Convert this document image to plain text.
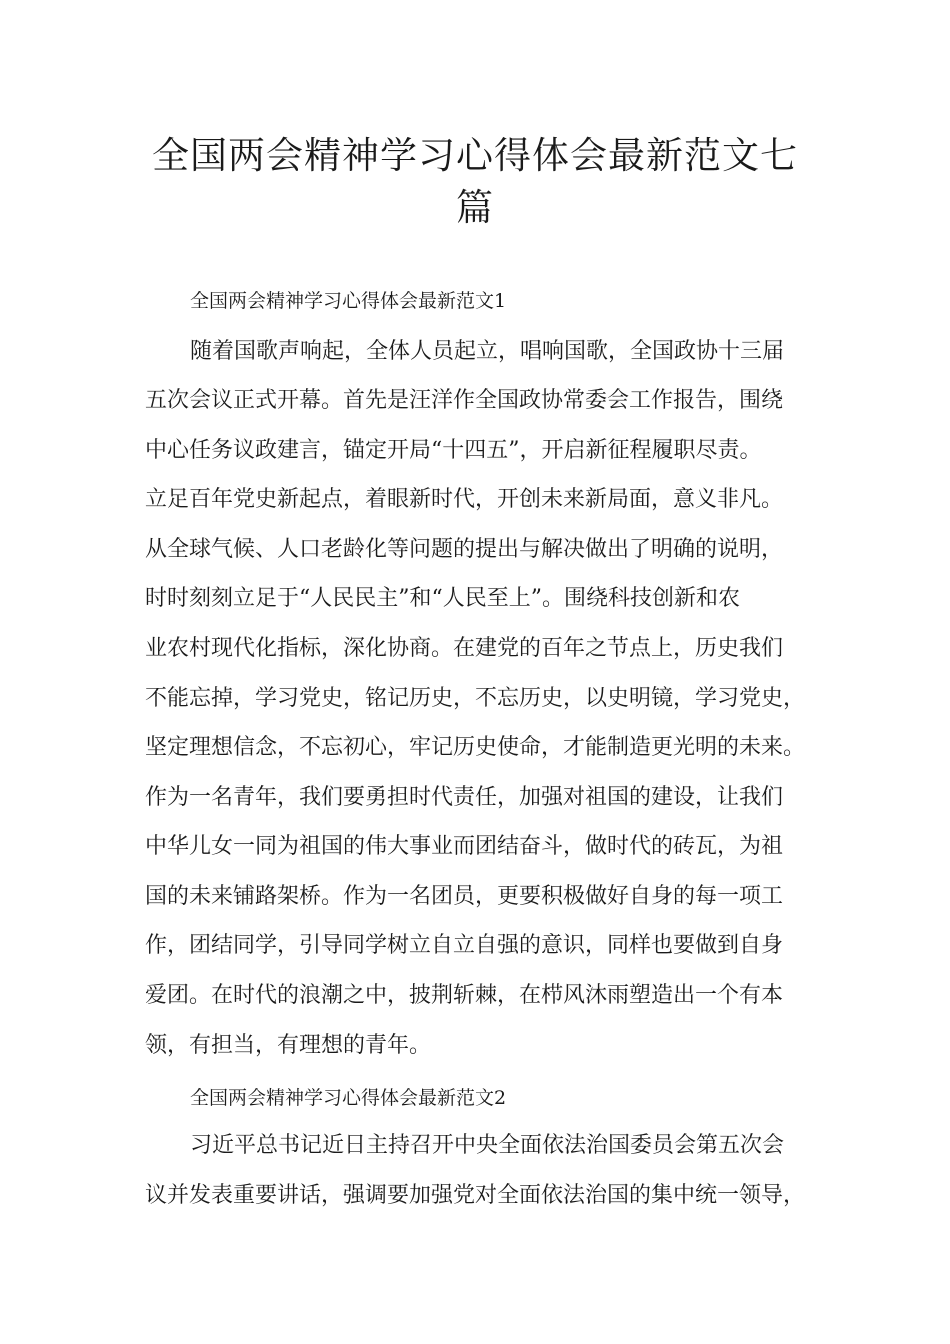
全国两会精神学习心得体会最新范文七篇
全国两会精神学习心得体会最新范文1
随着国歌声响起，全体人员起立，唱响国歌，全国政协十三届
五次会议正式开幕。首先是汪洋作全国政协常委会工作报告，围绕
中心任务议政建言，锚定开局“十四五”，开启新征程履职尽责。
立足百年党史新起点，着眼新时代，开创未来新局面，意义非凡。
从全球气候、人口老龄化等问题的提出与解决做出了明确的说明，
时时刻刻立足于“人民民主”和“人民至上”。围绕科技创新和农
业农村现代化指标，深化协商。在建党的百年之节点上，历史我们
不能忘掉，学习党史，铭记历史，不忘历史，以史明镜，学习党史，
坚定理想信念，不忘初心，牢记历史使命，才能制造更光明的未来。
作为一名青年，我们要勇担时代责任，加强对祖国的建设，让我们
中华儿女一同为祖国的伟大事业而团结奋斗，做时代的砖瓦，为祖
国的未来铺路架桥。作为一名团员，更要积极做好自身的每一项工
作，团结同学，引导同学树立自立自强的意识，同样也要做到自身
爱团。在时代的浪潮之中，披荆斩棘，在栉风沐雨塑造出一个有本
领，有担当，有理想的青年。
全国两会精神学习心得体会最新范文2
习近平总书记近日主持召开中央全面依法治国委员会第五次会
议并发表重要讲话，强调要加强党对全面依法治国的集中统一领导，
